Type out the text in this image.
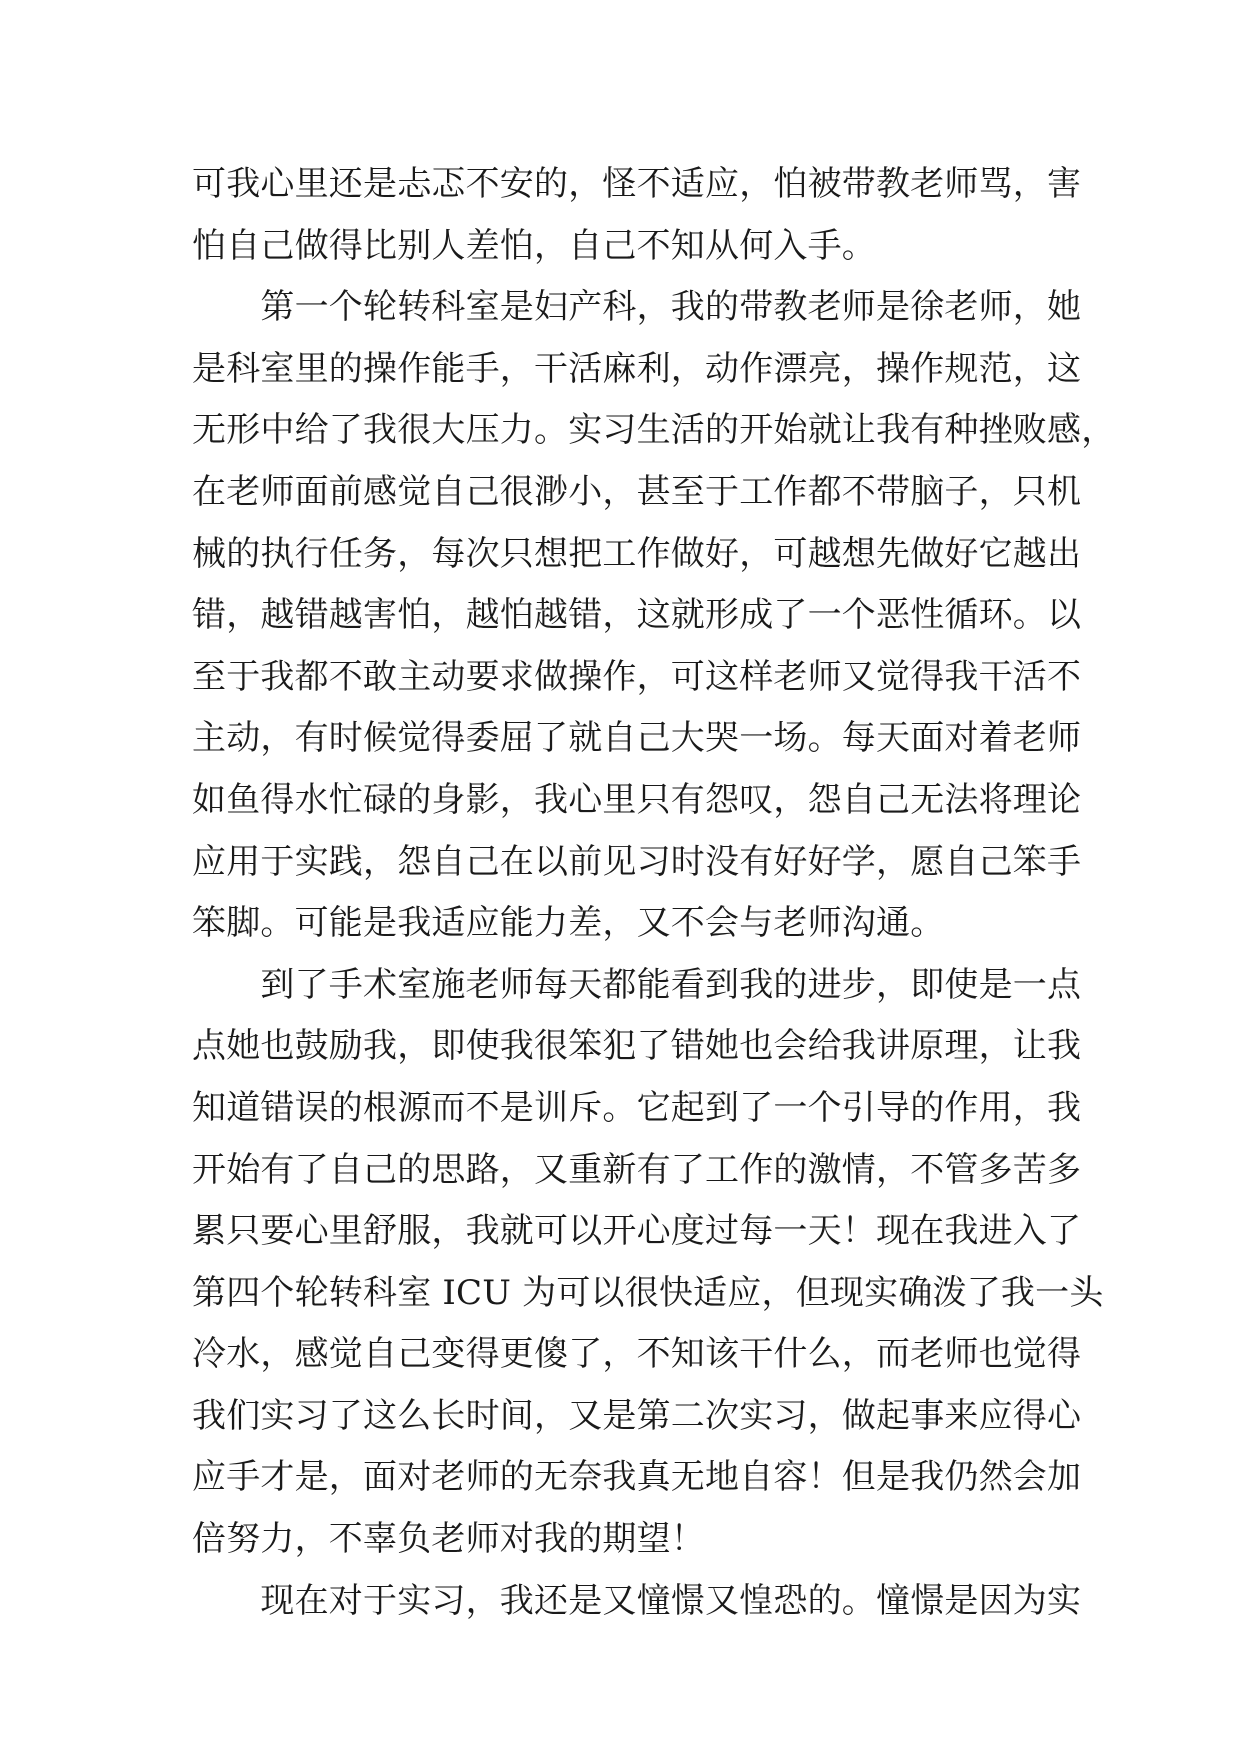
可我心里还是忐忑不安的，怪不适应，怕被带教老师骂，害
怕自己做得比别人差怕，自己不知从何入手。
　　第一个轮转科室是妇产科，我的带教老师是徐老师，她
是科室里的操作能手，干活麻利，动作漂亮，操作规范，这
无形中给了我很大压力。实习生活的开始就让我有种挫败感，
在老师面前感觉自己很渺小，甚至于工作都不带脑子，只机
械的执行任务，每次只想把工作做好，可越想先做好它越出
错，越错越害怕，越怕越错，这就形成了一个恶性循环。以
至于我都不敢主动要求做操作，可这样老师又觉得我干活不
主动，有时候觉得委屈了就自己大哭一场。每天面对着老师
如鱼得水忙碌的身影，我心里只有怨叹，怨自己无法将理论
应用于实践，怨自己在以前见习时没有好好学，愿自己笨手
笨脚。可能是我适应能力差，又不会与老师沟通。
　　到了手术室施老师每天都能看到我的进步，即使是一点
点她也鼓励我，即使我很笨犯了错她也会给我讲原理，让我
知道错误的根源而不是训斥。它起到了一个引导的作用，我
开始有了自己的思路，又重新有了工作的激情，不管多苦多
累只要心里舒服，我就可以开心度过每一天！现在我进入了
第四个轮转科室 ICU 为可以很快适应，但现实确泼了我一头
冷水，感觉自己变得更傻了，不知该干什么，而老师也觉得
我们实习了这么长时间，又是第二次实习，做起事来应得心
应手才是，面对老师的无奈我真无地自容！但是我仍然会加
倍努力，不辜负老师对我的期望！
　　现在对于实习，我还是又憧憬又惶恐的。憧憬是因为实
